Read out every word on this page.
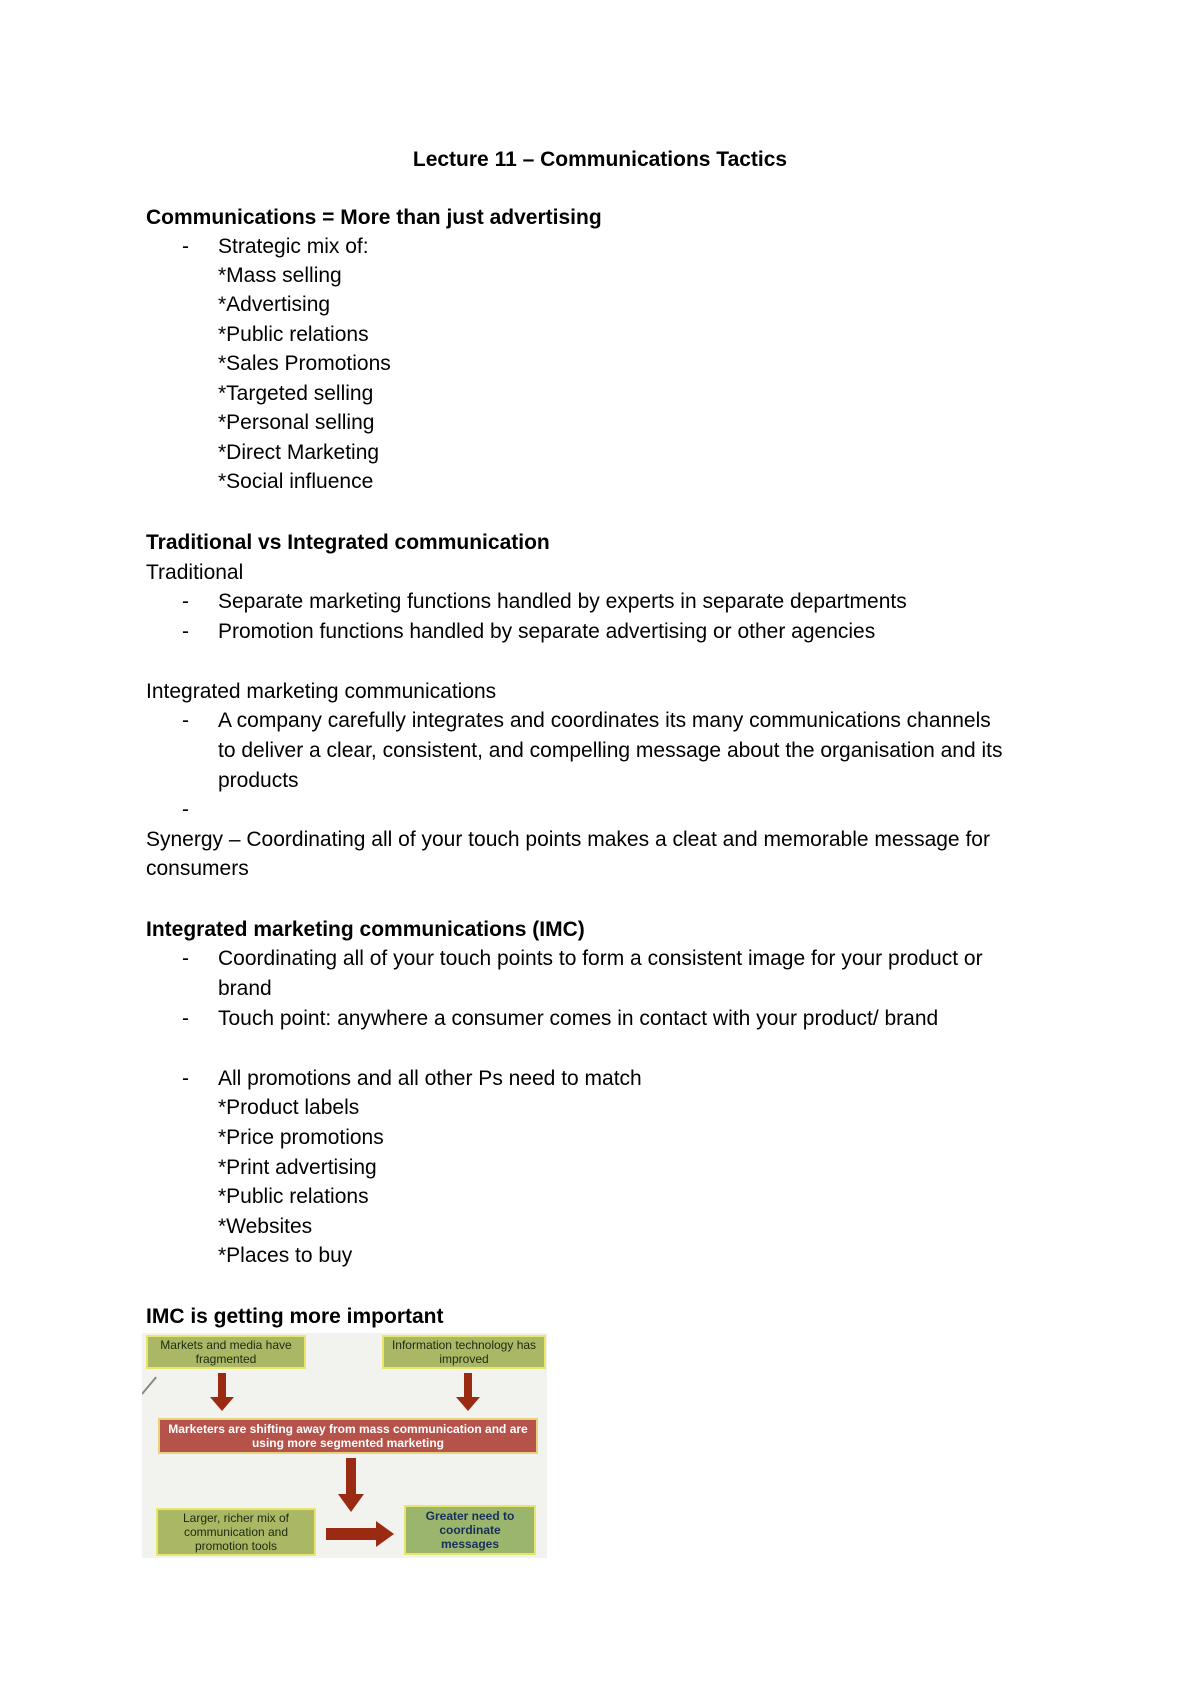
Lecture 11 – Communications Tactics
Communications = More than just advertising
- Strategic mix of:
*Mass selling
*Advertising
*Public relations
*Sales Promotions
*Targeted selling
*Personal selling
*Direct Marketing
*Social influence
Traditional vs Integrated communication
Traditional
- Separate marketing functions handled by experts in separate departments
- Promotion functions handled by separate advertising or other agencies
Integrated marketing communications
- A company carefully integrates and coordinates its many communications channels
to deliver a clear, consistent, and compelling message about the organisation and its
products
-
Synergy – Coordinating all of your touch points makes a cleat and memorable message for
consumers
Integrated marketing communications (IMC)
- Coordinating all of your touch points to form a consistent image for your product or
brand
- Touch point: anywhere a consumer comes in contact with your product/ brand
- All promotions and all other Ps need to match
*Product labels
*Price promotions
*Print advertising
*Public relations
*Websites
*Places to buy
IMC is getting more important
Markets and media have fragmented
Information technology has improved
Marketers are shifting away from mass communication and are using more segmented marketing
Larger, richer mix of communication and promotion tools
Greater need to coordinate messages
